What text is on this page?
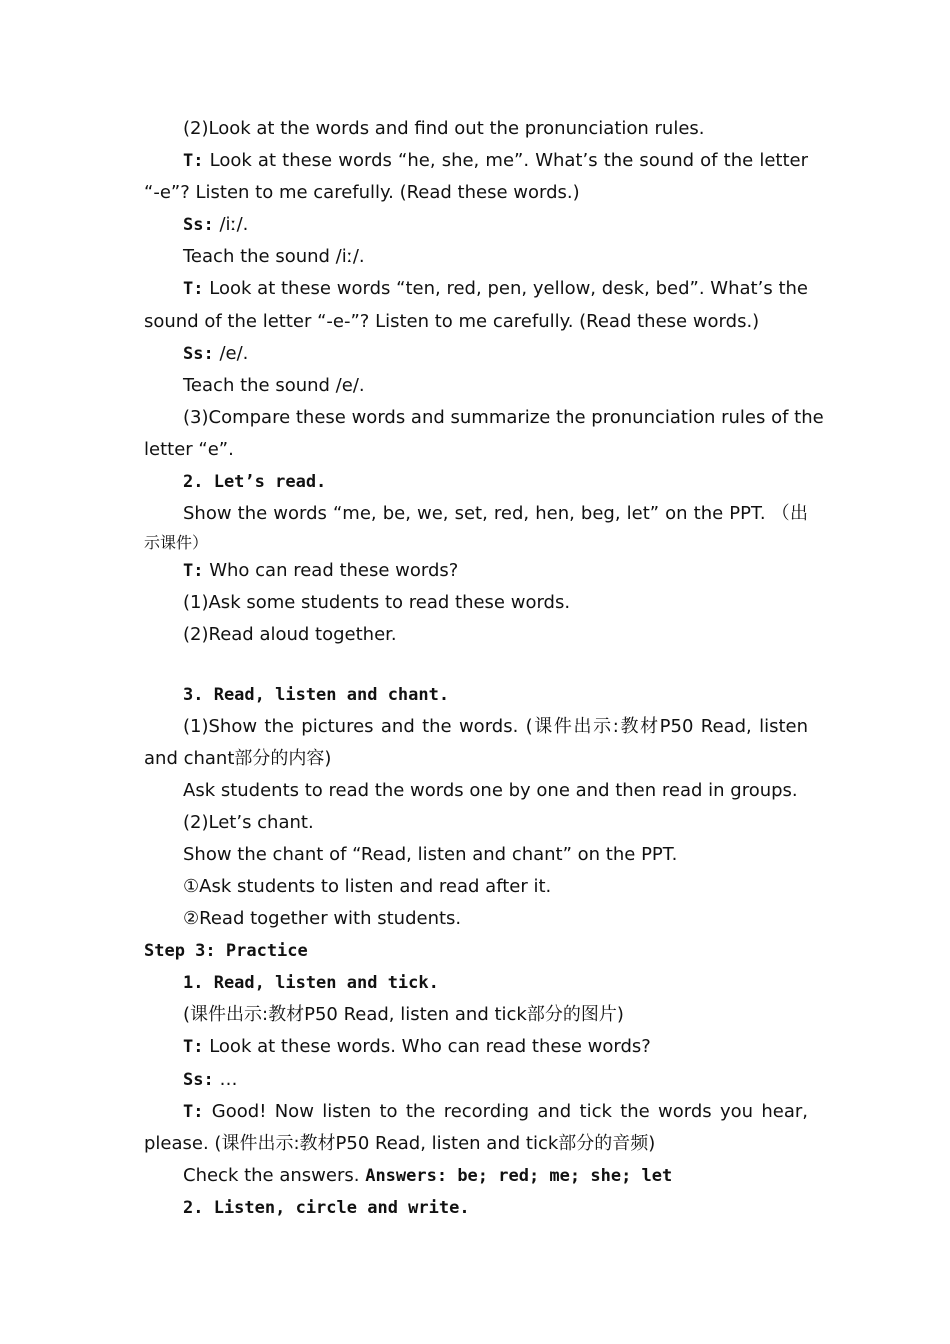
(2)Look at the words and find out the pronunciation rules.
T: Look at these words “he, she, me”. What’s the sound of the letter
“-e”? Listen to me carefully. (Read these words.)
Ss: /iː/.
Teach the sound /iː/.
T: Look at these words “ten, red, pen, yellow, desk, bed”. What’s the
sound of the letter “-e-”? Listen to me carefully. (Read these words.)
Ss: /e/.
Teach the sound /e/.
(3)Compare these words and summarize the pronunciation rules of the
letter “e”.
2. Let’s read.
Show the words “me, be, we, set, red, hen, beg, let” on the PPT. （出
示课件）
T: Who can read these words?
(1)Ask some students to read these words.
(2)Read aloud together.
3. Read, listen and chant.
(1)Show the pictures and the words. (课件出示:教材P50 Read, listen
and chant部分的内容)
Ask students to read the words one by one and then read in groups.
(2)Let’s chant.
Show the chant of “Read, listen and chant” on the PPT.
①Ask students to listen and read after it.
②Read together with students.
Step 3: Practice
1. Read, listen and tick.
(课件出示:教材P50 Read, listen and tick部分的图片)
T: Look at these words. Who can read these words?
Ss: …
T: Good! Now listen to the recording and tick the words you hear,
please. (课件出示:教材P50 Read, listen and tick部分的音频)
Check the answers. Answers: be; red; me; she; let
2. Listen, circle and write.
